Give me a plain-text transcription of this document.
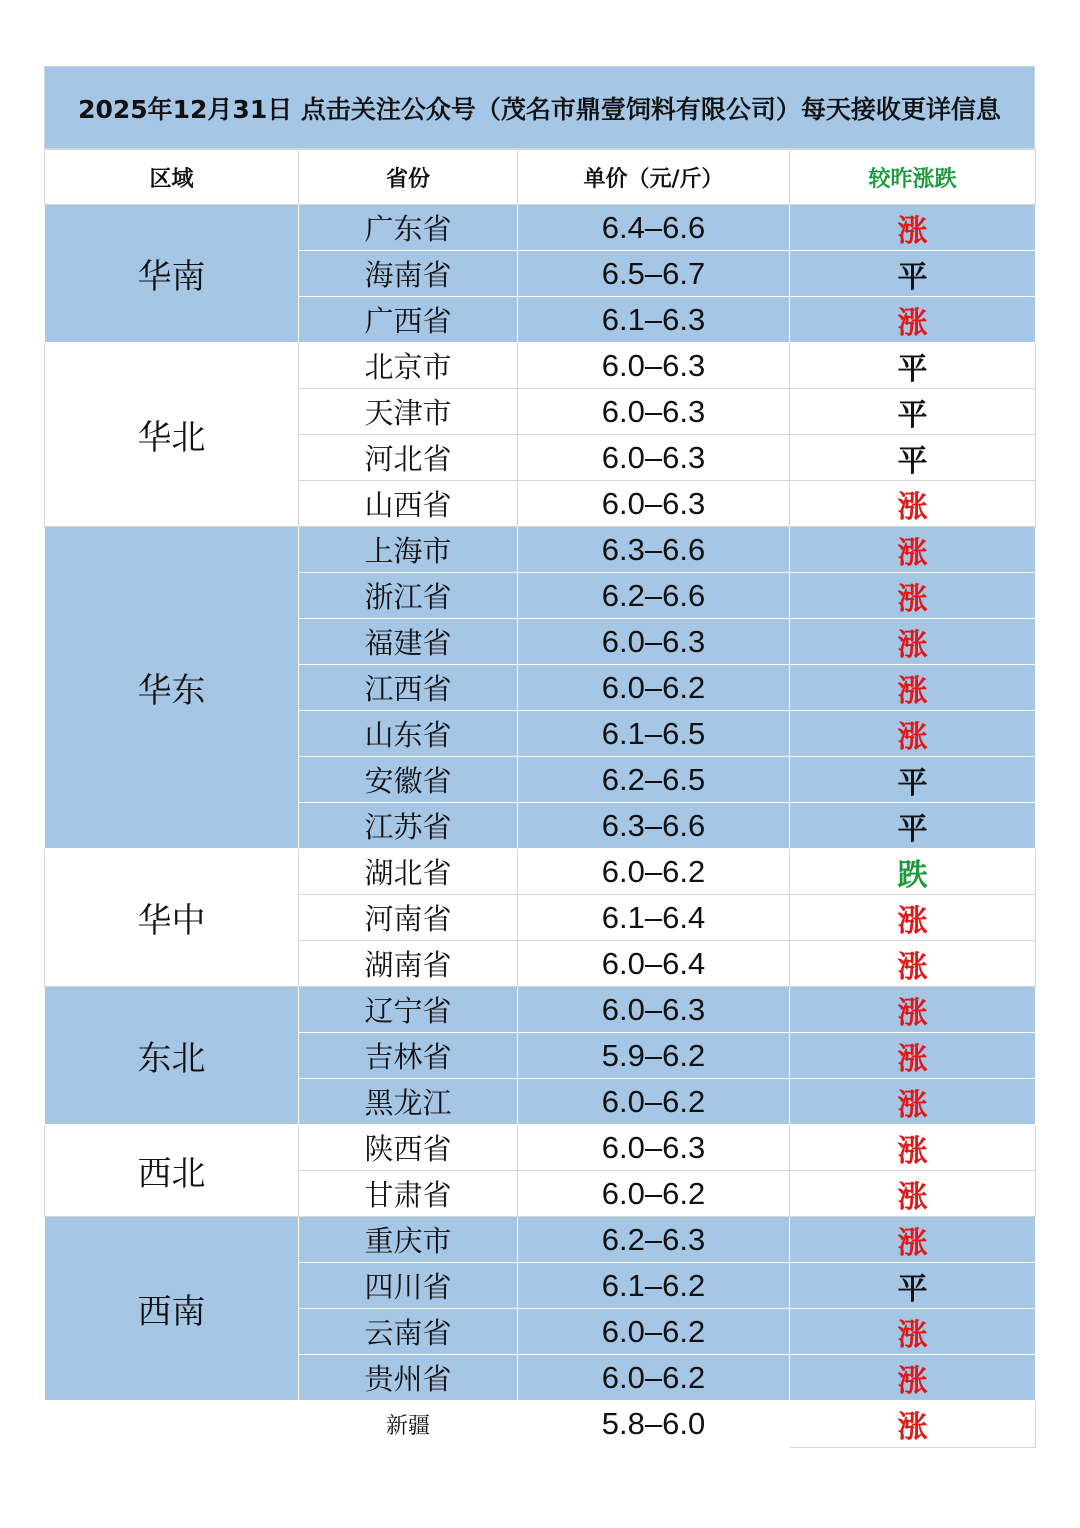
2025年12月31日 点击关注公众号（茂名市鼎壹饲料有限公司）每天接收更详信息
区域	省份	单价（元/斤）	较昨涨跌
华南	广东省	6.4–6.6	涨
	海南省	6.5–6.7	平
	广西省	6.1–6.3	涨
华北	北京市	6.0–6.3	平
	天津市	6.0–6.3	平
	河北省	6.0–6.3	平
	山西省	6.0–6.3	涨
华东	上海市	6.3–6.6	涨
	浙江省	6.2–6.6	涨
	福建省	6.0–6.3	涨
	江西省	6.0–6.2	涨
	山东省	6.1–6.5	涨
	安徽省	6.2–6.5	平
	江苏省	6.3–6.6	平
华中	湖北省	6.0–6.2	跌
	河南省	6.1–6.4	涨
	湖南省	6.0–6.4	涨
东北	辽宁省	6.0–6.3	涨
	吉林省	5.9–6.2	涨
	黑龙江	6.0–6.2	涨
西北	陕西省	6.0–6.3	涨
	甘肃省	6.0–6.2	涨
西南	重庆市	6.2–6.3	涨
	四川省	6.1–6.2	平
	云南省	6.0–6.2	涨
	贵州省	6.0–6.2	涨
	新疆	5.8–6.0	涨
